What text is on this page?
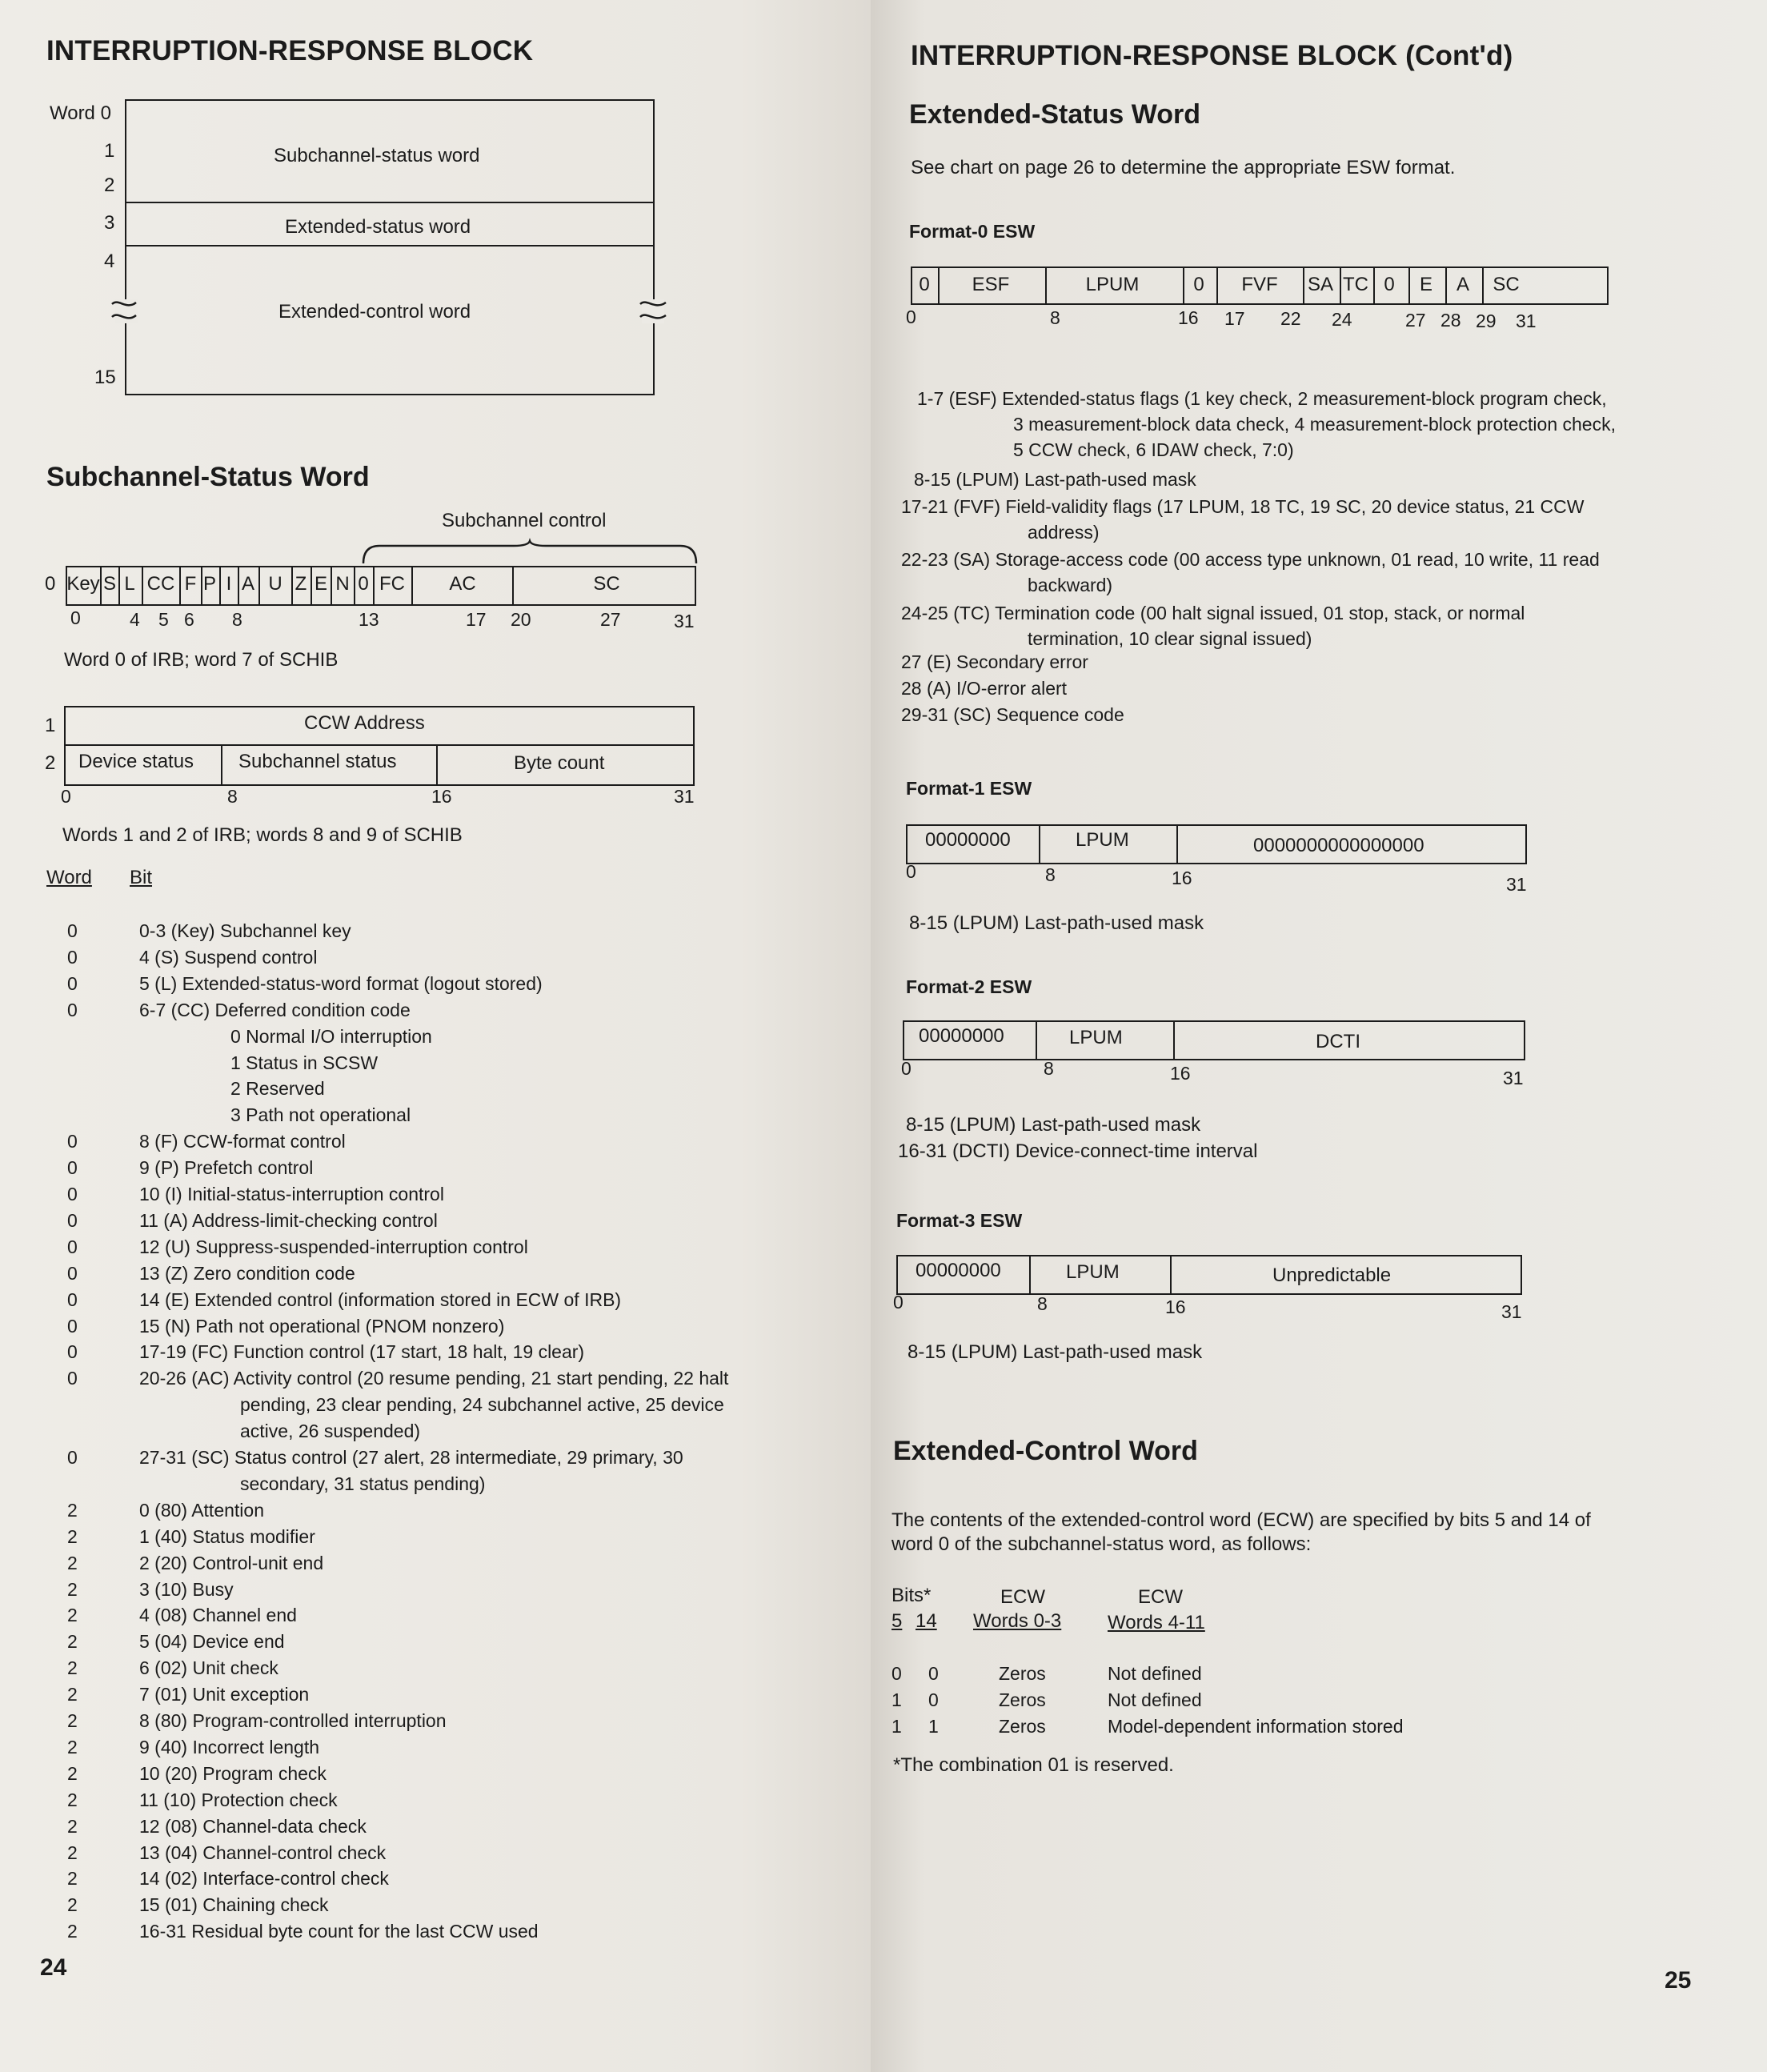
INTERRUPTION-RESPONSE BLOCK
Word 0
1
2
3
4
15
Subchannel-status word
Extended-status word
Extended-control word
Subchannel-Status Word
Subchannel control
0 Key S L CC F P I A U Z E N 0 FC AC	SC
0	4 5 6 8	13	17 20	27	31
Word 0 of IRB; word 7 of SCHIB
1
2
CCW Address
Device status Subchannel status	Byte count
0	8	16	31
Words 1 and 2 of IRB; words 8 and 9 of SCHIB
Word Bit
0	0-3 (Key) Subchannel key
0	4 (S) Suspend control
0	5 (L) Extended-status-word format (logout stored)
0	6-7 (CC) Deferred condition code
0 Normal I/O interruption
1 Status in SCSW
2 Reserved
3 Path not operational
0	8 (F) CCW-format control
0	9 (P) Prefetch control
0	10 (I) Initial-status-interruption control
0	11 (A) Address-limit-checking control
0	12 (U) Suppress-suspended-interruption control
0	13 (Z) Zero condition code
0	14 (E) Extended control (information stored in ECW of IRB)
0	15 (N) Path not operational (PNOM nonzero)
0	17-19 (FC) Function control (17 start, 18 halt, 19 clear)
0	20-26 (AC) Activity control (20 resume pending, 21 start pending, 22 halt
pending, 23 clear pending, 24 subchannel active, 25 device
active, 26 suspended)
0	27-31 (SC) Status control (27 alert, 28 intermediate, 29 primary, 30
secondary, 31 status pending)
2	0 (80) Attention
2	1 (40) Status modifier
2	2 (20) Control-unit end
2	3 (10) Busy
2	4 (08) Channel end
2	5 (04) Device end
2	6 (02) Unit check
2	7 (01) Unit exception
2	8 (80) Program-controlled interruption
2	9 (40) Incorrect length
2	10 (20) Program check
2	11 (10) Protection check
2	12 (08) Channel-data check
2	13 (04) Channel-control check
2	14 (02) Interface-control check
2	15 (01) Chaining check
2	16-31 Residual byte count for the last CCW used
24
INTERRUPTION-RESPONSE BLOCK (Cont'd)
Extended-Status Word
See chart on page 26 to determine the appropriate ESW format.
Format-0 ESW
0 ESF	LPUM	0 FVF SA TC 0 E A SC
0	8	16 17 22 24	27 28 29 31
1-7 (ESF) Extended-status flags (1 key check, 2 measurement-block program check,
3 measurement-block data check, 4 measurement-block protection check,
5 CCW check, 6 IDAW check, 7:0)
8-15 (LPUM) Last-path-used mask
17-21 (FVF) Field-validity flags (17 LPUM, 18 TC, 19 SC, 20 device status, 21 CCW
address)
22-23 (SA) Storage-access code (00 access type unknown, 01 read, 10 write, 11 read
backward)
24-25 (TC) Termination code (00 halt signal issued, 01 stop, stack, or normal
termination, 10 clear signal issued)
27 (E) Secondary error
28 (A) I/O-error alert
29-31 (SC) Sequence code
Format-1 ESW
00000000	LPUM	0000000000000000
0	8	16	31
8-15 (LPUM) Last-path-used mask
Format-2 ESW
00000000	LPUM	DCTI
0	8	16	31
8-15 (LPUM) Last-path-used mask
16-31 (DCTI) Device-connect-time interval
Format-3 ESW
00000000	LPUM	Unpredictable
0	8	16	31
8-15 (LPUM) Last-path-used mask
Extended-Control Word
The contents of the extended-control word (ECW) are specified by bits 5 and 14 of
word 0 of the subchannel-status word, as follows:
Bits*	ECW	ECW
5 14 Words 0-3 Words 4-11
0 0	Zeros	Not defined
1 0	Zeros	Not defined
1 1	Zeros	Model-dependent information stored
*The combination 01 is reserved.
25
